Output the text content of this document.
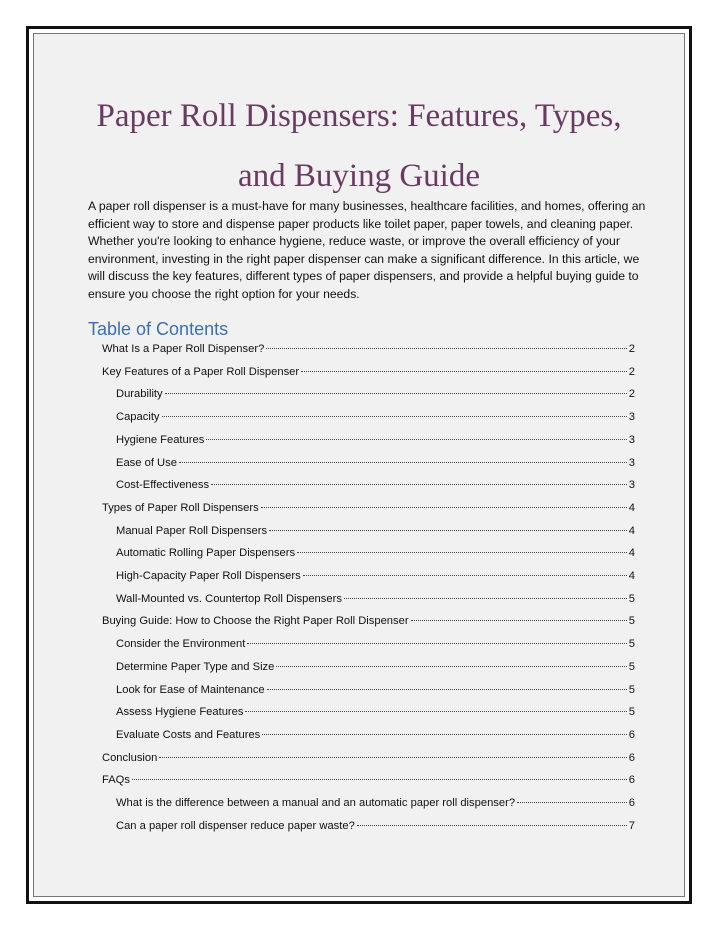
Paper Roll Dispensers: Features, Types,
and Buying Guide

A paper roll dispenser is a must-have for many businesses, healthcare facilities, and homes, offering an efficient way to store and dispense paper products like toilet paper, paper towels, and cleaning paper. Whether you're looking to enhance hygiene, reduce waste, or improve the overall efficiency of your environment, investing in the right paper dispenser can make a significant difference. In this article, we will discuss the key features, different types of paper dispensers, and provide a helpful buying guide to ensure you choose the right option for your needs.

Table of Contents
What Is a Paper Roll Dispenser?	2
Key Features of a Paper Roll Dispenser	2
Durability	2
Capacity	3
Hygiene Features	3
Ease of Use	3
Cost-Effectiveness	3
Types of Paper Roll Dispensers	4
Manual Paper Roll Dispensers	4
Automatic Rolling Paper Dispensers	4
High-Capacity Paper Roll Dispensers	4
Wall-Mounted vs. Countertop Roll Dispensers	5
Buying Guide: How to Choose the Right Paper Roll Dispenser	5
Consider the Environment	5
Determine Paper Type and Size	5
Look for Ease of Maintenance	5
Assess Hygiene Features	5
Evaluate Costs and Features	6
Conclusion	6
FAQs	6
What is the difference between a manual and an automatic paper roll dispenser?	6
Can a paper roll dispenser reduce paper waste?	7
